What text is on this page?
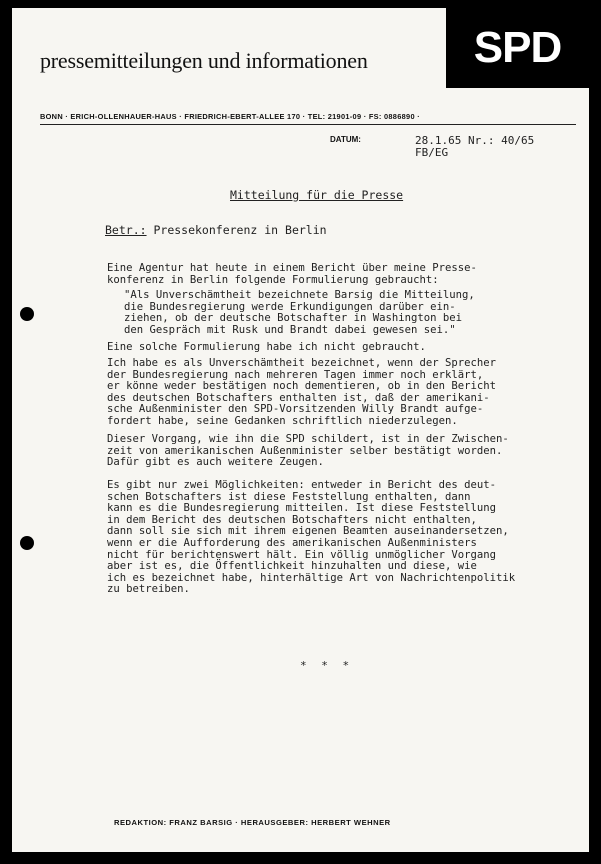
pressemitteilungen und informationen	SPD
BONN · ERICH-OLLENHAUER-HAUS · FRIEDRICH-EBERT-ALLEE 170 · TEL: 21901-09 · FS: 0886890 ·
DATUM:	28.1.65 Nr.: 40/65
FB/EG
Mitteilung für die Presse
Betr.: Pressekonferenz in Berlin
Eine Agentur hat heute in einem Bericht über meine Presse-
konferenz in Berlin folgende Formulierung gebraucht:
"Als Unverschämtheit bezeichnete Barsig die Mitteilung,
die Bundesregierung werde Erkundigungen darüber ein-
ziehen, ob der deutsche Botschafter in Washington bei
den Gespräch mit Rusk und Brandt dabei gewesen sei."
Eine solche Formulierung habe ich nicht gebraucht.
Ich habe es als Unverschämtheit bezeichnet, wenn der Sprecher
der Bundesregierung nach mehreren Tagen immer noch erklärt,
er könne weder bestätigen noch dementieren, ob in den Bericht
des deutschen Botschafters enthalten ist, daß der amerikani-
sche Außenminister den SPD-Vorsitzenden Willy Brandt aufge-
fordert habe, seine Gedanken schriftlich niederzulegen.
Dieser Vorgang, wie ihn die SPD schildert, ist in der Zwischen-
zeit von amerikanischen Außenminister selber bestätigt worden.
Dafür gibt es auch weitere Zeugen.
Es gibt nur zwei Möglichkeiten: entweder in Bericht des deut-
schen Botschafters ist diese Feststellung enthalten, dann
kann es die Bundesregierung mitteilen. Ist diese Feststellung
in dem Bericht des deutschen Botschafters nicht enthalten,
dann soll sie sich mit ihrem eigenen Beamten auseinandersetzen,
wenn er die Aufforderung des amerikanischen Außenministers
nicht für berichtenswert hält. Ein völlig unmöglicher Vorgang
aber ist es, die Öffentlichkeit hinzuhalten und diese, wie
ich es bezeichnet habe, hinterhältige Art von Nachrichtenpolitik
zu betreiben.
* * *
REDAKTION: FRANZ BARSIG · HERAUSGEBER: HERBERT WEHNER
